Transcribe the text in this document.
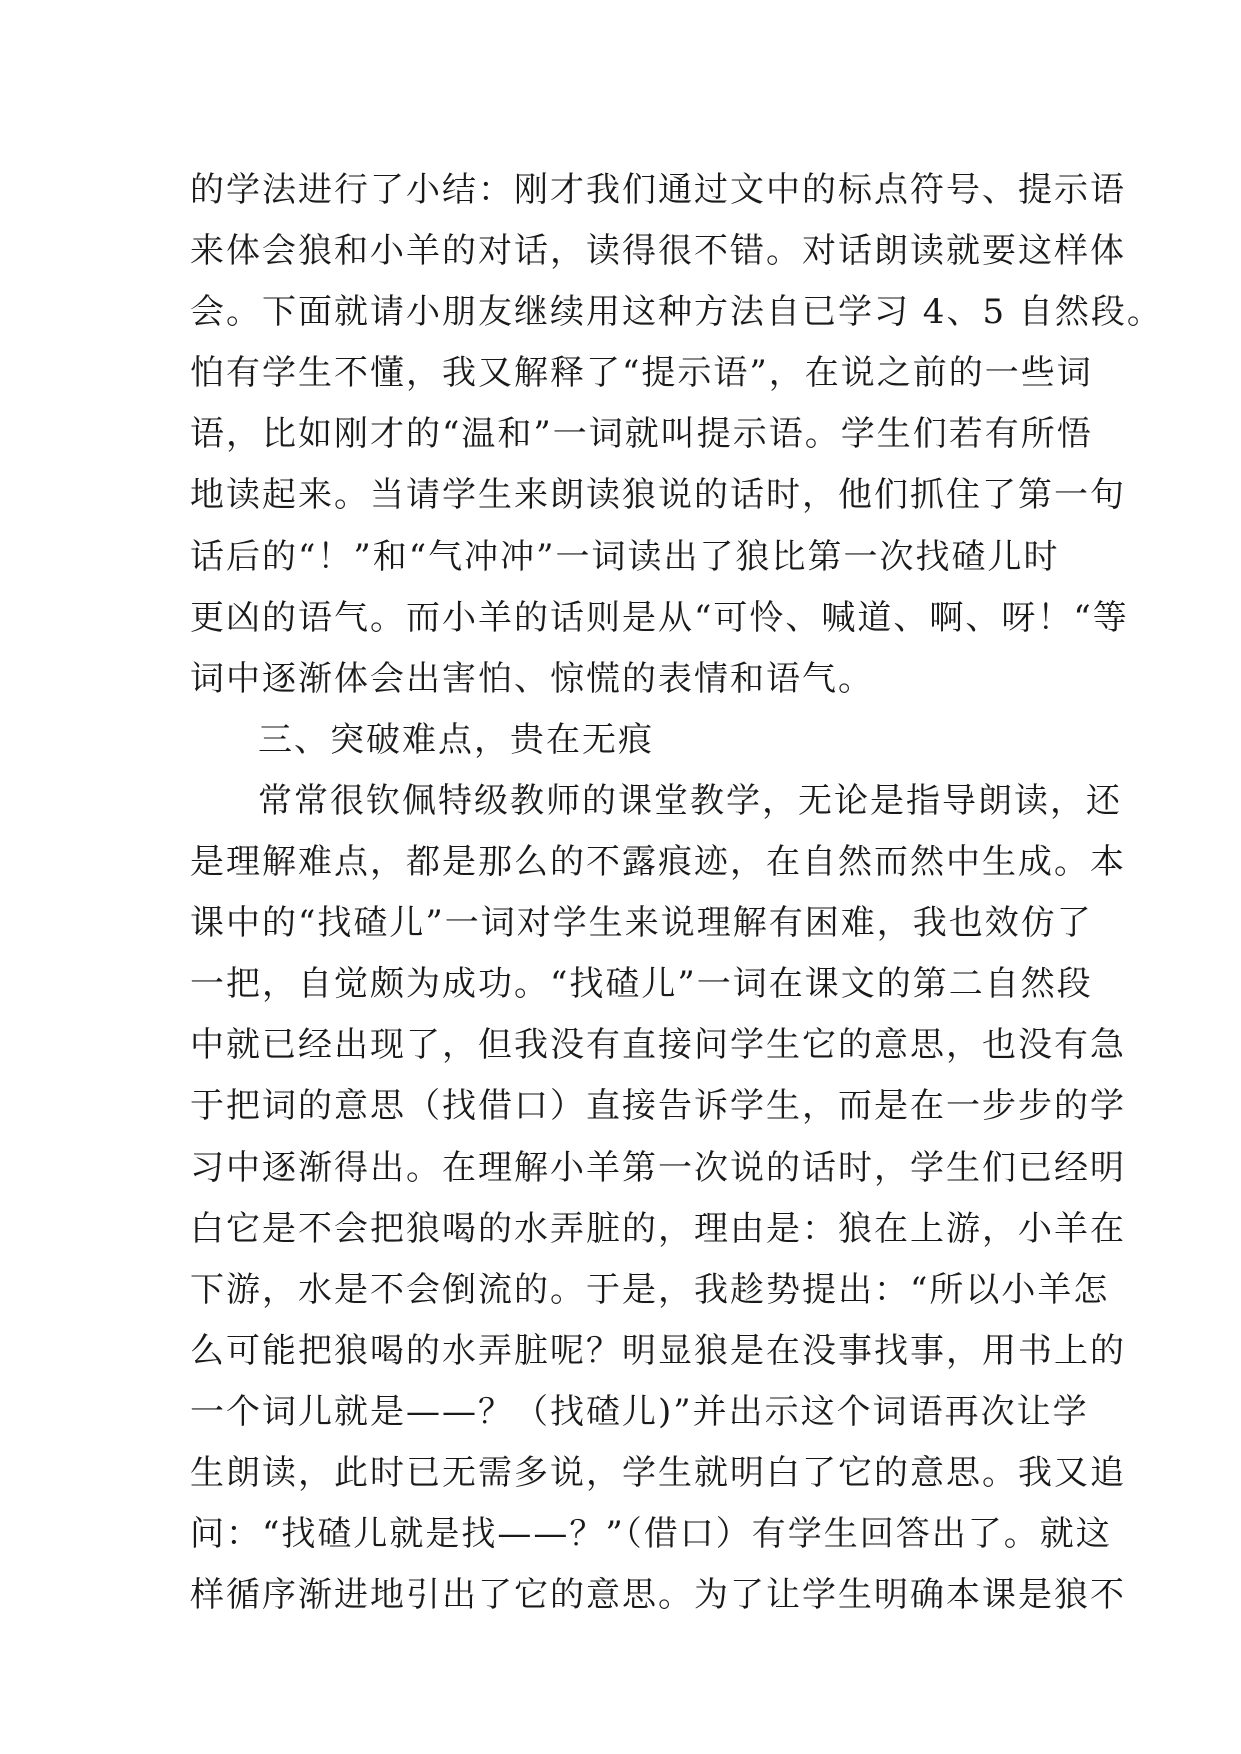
的学法进行了小结：刚才我们通过文中的标点符号、提示语
来体会狼和小羊的对话，读得很不错。对话朗读就要这样体
会。下面就请小朋友继续用这种方法自已学习 4、5 自然段。
怕有学生不懂，我又解释了“提示语”，在说之前的一些词
语，比如刚才的“温和”一词就叫提示语。学生们若有所悟
地读起来。当请学生来朗读狼说的话时，他们抓住了第一句
话后的“！”和“气冲冲”一词读出了狼比第一次找碴儿时
更凶的语气。而小羊的话则是从“可怜、喊道、啊、呀！“等
词中逐渐体会出害怕、惊慌的表情和语气。
三、突破难点，贵在无痕
常常很钦佩特级教师的课堂教学，无论是指导朗读，还
是理解难点，都是那么的不露痕迹，在自然而然中生成。本
课中的“找碴儿”一词对学生来说理解有困难，我也效仿了
一把，自觉颇为成功。“找碴儿”一词在课文的第二自然段
中就已经出现了，但我没有直接问学生它的意思，也没有急
于把词的意思（找借口）直接告诉学生，而是在一步步的学
习中逐渐得出。在理解小羊第一次说的话时，学生们已经明
白它是不会把狼喝的水弄脏的，理由是：狼在上游，小羊在
下游，水是不会倒流的。于是，我趁势提出：“所以小羊怎
么可能把狼喝的水弄脏呢？明显狼是在没事找事，用书上的
一个词儿就是——？（找碴儿)”并出示这个词语再次让学
生朗读，此时已无需多说，学生就明白了它的意思。我又追
问：“找碴儿就是找——？”（借口）有学生回答出了。就这
样循序渐进地引出了它的意思。为了让学生明确本课是狼不
